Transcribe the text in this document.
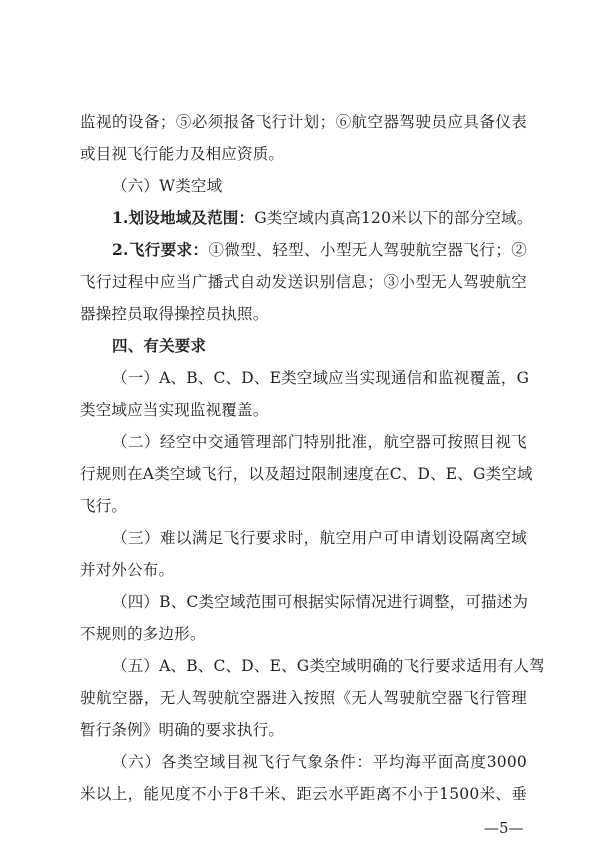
监视的设备；⑤必须报备飞行计划；⑥航空器驾驶员应具备仪表
或目视飞行能力及相应资质。
（六）W类空域
1.划设地域及范围：G类空域内真高120米以下的部分空域。
2.飞行要求：①微型、轻型、小型无人驾驶航空器飞行；②
飞行过程中应当广播式自动发送识别信息；③小型无人驾驶航空
器操控员取得操控员执照。
四、有关要求
（一）A、B、C、D、E类空域应当实现通信和监视覆盖，G
类空域应当实现监视覆盖。
（二）经空中交通管理部门特别批准，航空器可按照目视飞
行规则在A类空域飞行，以及超过限制速度在C、D、E、G类空域
飞行。
（三）难以满足飞行要求时，航空用户可申请划设隔离空域
并对外公布。
（四）B、C类空域范围可根据实际情况进行调整，可描述为
不规则的多边形。
（五）A、B、C、D、E、G类空域明确的飞行要求适用有人驾
驶航空器，无人驾驶航空器进入按照《无人驾驶航空器飞行管理
暂行条例》明确的要求执行。
（六）各类空域目视飞行气象条件：平均海平面高度3000
米以上，能见度不小于8千米、距云水平距离不小于1500米、垂
—5—
